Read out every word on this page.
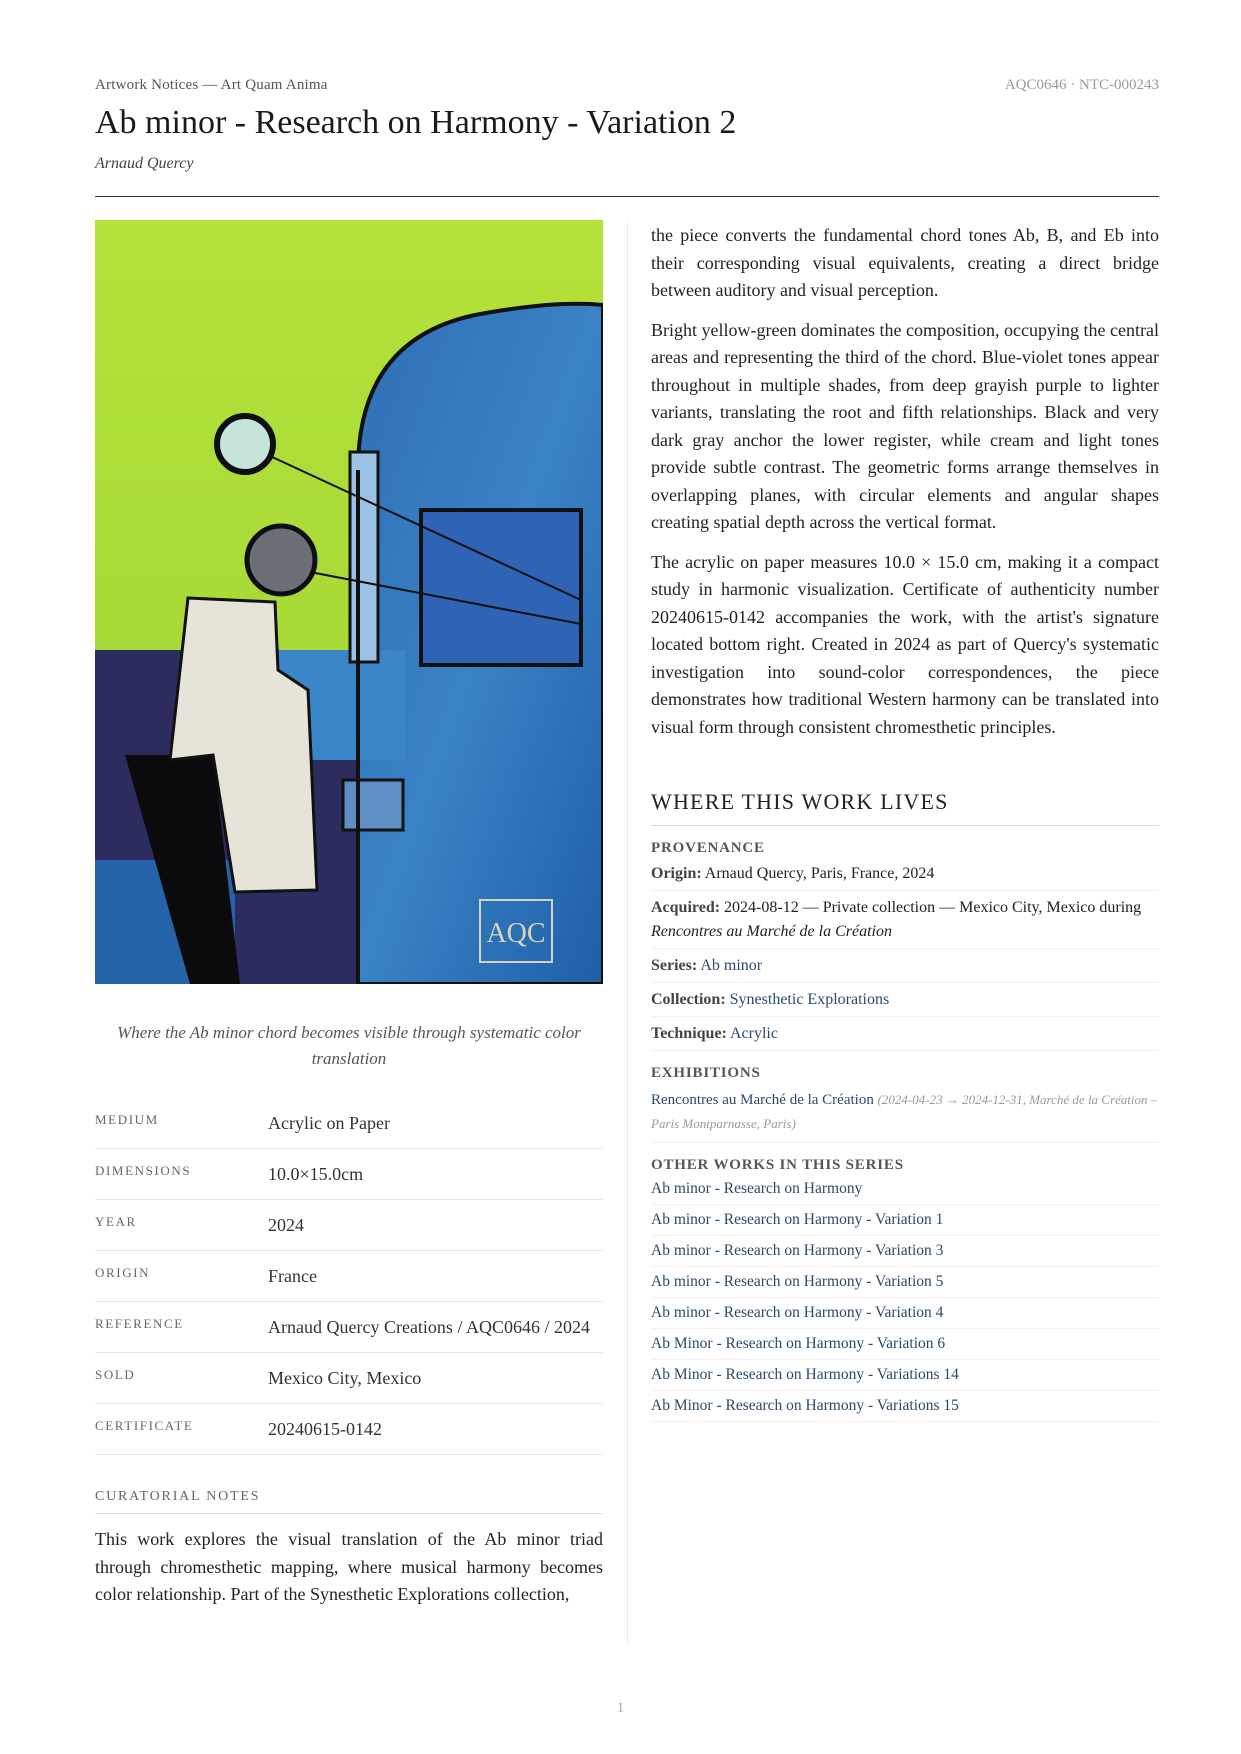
Artwork Notices — Art Quam Anima	AQC0646 · NTC-000243
Ab minor - Research on Harmony - Variation 2
Arnaud Quercy
AQC
Where the Ab minor chord becomes visible through systematic color translation
MEDIUM	Acrylic on Paper
DIMENSIONS	10.0×15.0cm
YEAR	2024
ORIGIN	France
REFERENCE	Arnaud Quercy Creations / AQC0646 / 2024
SOLD	Mexico City, Mexico
CERTIFICATE	20240615-0142
CURATORIAL NOTES
This work explores the visual translation of the Ab minor triad through chromesthetic mapping, where musical harmony becomes color relationship. Part of the Synesthetic Explorations collection,

the piece converts the fundamental chord tones Ab, B, and Eb into their corresponding visual equivalents, creating a direct bridge between auditory and visual perception.

Bright yellow-green dominates the composition, occupying the central areas and representing the third of the chord. Blue-violet tones appear throughout in multiple shades, from deep grayish purple to lighter variants, translating the root and fifth relationships. Black and very dark gray anchor the lower register, while cream and light tones provide subtle contrast. The geometric forms arrange themselves in overlapping planes, with circular elements and angular shapes creating spatial depth across the vertical format.

The acrylic on paper measures 10.0 × 15.0 cm, making it a compact study in harmonic visualization. Certificate of authenticity number 20240615-0142 accompanies the work, with the artist's signature located bottom right. Created in 2024 as part of Quercy's systematic investigation into sound-color correspondences, the piece demonstrates how traditional Western harmony can be translated into visual form through consistent chromesthetic principles.

WHERE THIS WORK LIVES
PROVENANCE
Origin: Arnaud Quercy, Paris, France, 2024
Acquired: 2024-08-12 — Private collection — Mexico City, Mexico during Rencontres au Marché de la Création
Series: Ab minor
Collection: Synesthetic Explorations
Technique: Acrylic
EXHIBITIONS
Rencontres au Marché de la Création (2024-04-23 → 2024-12-31, Marché de la Création – Paris Montparnasse, Paris)
OTHER WORKS IN THIS SERIES
Ab minor - Research on Harmony
Ab minor - Research on Harmony - Variation 1
Ab minor - Research on Harmony - Variation 3
Ab minor - Research on Harmony - Variation 5
Ab minor - Research on Harmony - Variation 4
Ab Minor - Research on Harmony - Variation 6
Ab Minor - Research on Harmony - Variations 14
Ab Minor - Research on Harmony - Variations 15
1
